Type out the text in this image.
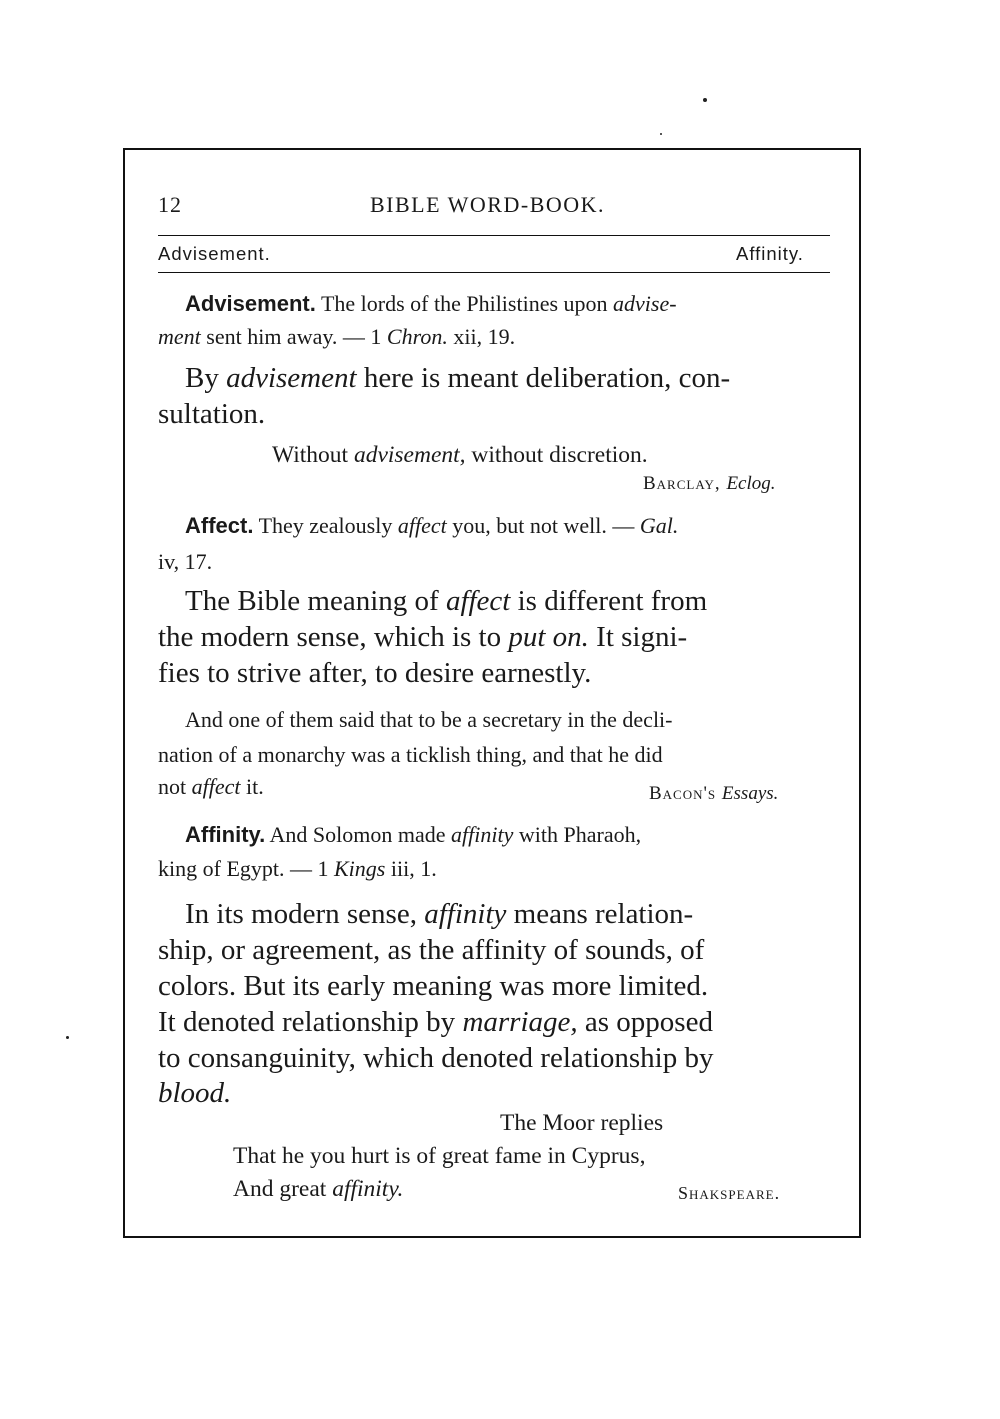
12	BIBLE WORD-BOOK.
Advisement.	Affinity.
Advisement. The lords of the Philistines upon advise-
ment sent him away. — 1 Chron. xii, 19.
By advisement here is meant deliberation, con-
sultation.
Without advisement, without discretion.
Barclay, Eclog.
Affect. They zealously affect you, but not well. — Gal.
iv, 17.
The Bible meaning of affect is different from
the modern sense, which is to put on. It signi-
fies to strive after, to desire earnestly.
And one of them said that to be a secretary in the decli-
nation of a monarchy was a ticklish thing, and that he did
not affect it.	Bacon's Essays.
Affinity. And Solomon made affinity with Pharaoh,
king of Egypt. — 1 Kings iii, 1.
In its modern sense, affinity means relation-
ship, or agreement, as the affinity of sounds, of
colors. But its early meaning was more limited.
It denoted relationship by marriage, as opposed
to consanguinity, which denoted relationship by
blood.
The Moor replies
That he you hurt is of great fame in Cyprus,
And great affinity.	Shakspeare.
